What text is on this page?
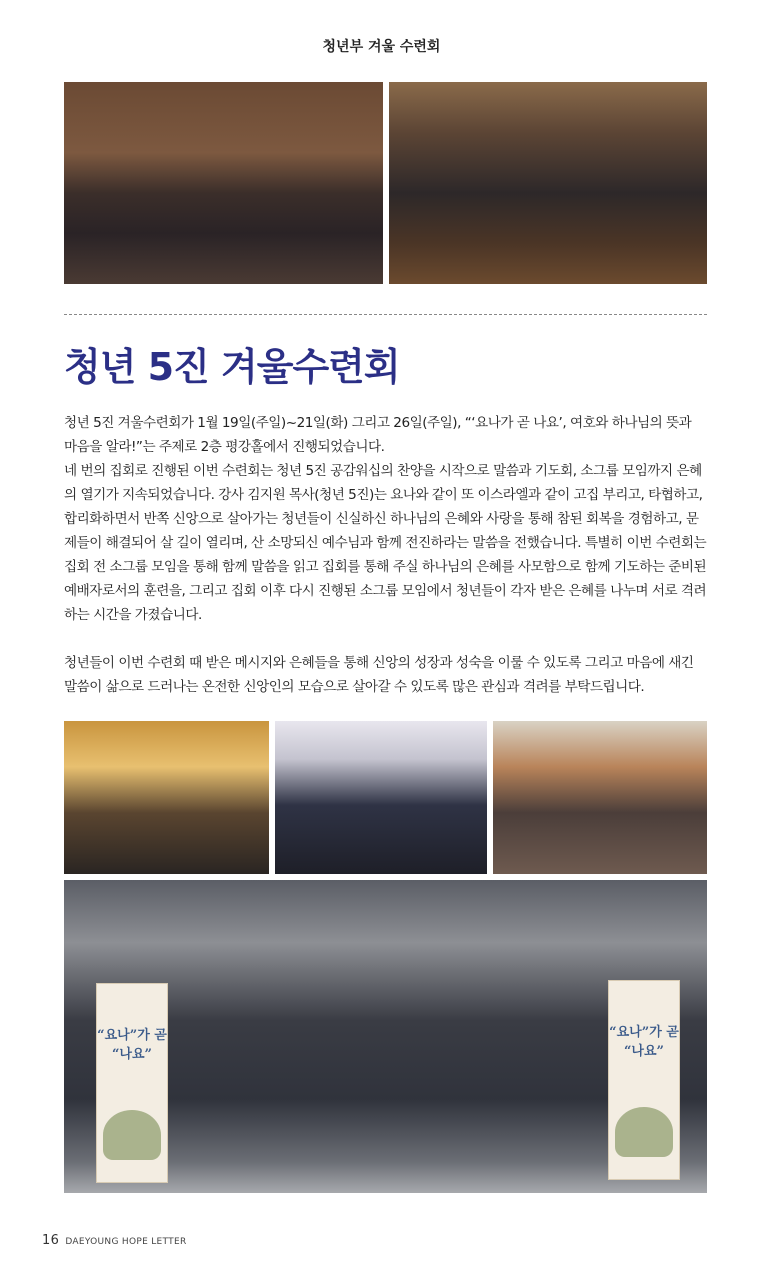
청년부 겨울 수련회
청년 5진 겨울수련회

청년 5진 겨울수련회가 1월 19일(주일)~21일(화) 그리고 26일(주일), “‘요나가 곧 나요’, 여호와 하나님의 뜻과 마음을 알라!”는 주제로 2층 평강홀에서 진행되었습니다.

네 번의 집회로 진행된 이번 수련회는 청년 5진 공감워십의 찬양을 시작으로 말씀과 기도회, 소그룹 모임까지 은혜의 열기가 지속되었습니다. 강사 김지원 목사(청년 5진)는 요나와 같이 또 이스라엘과 같이 고집 부리고, 타협하고, 합리화하면서 반쪽 신앙으로 살아가는 청년들이 신실하신 하나님의 은혜와 사랑을 통해 참된 회복을 경험하고, 문제들이 해결되어 살 길이 열리며, 산 소망되신 예수님과 함께 전진하라는 말씀을 전했습니다. 특별히 이번 수련회는 집회 전 소그룹 모임을 통해 함께 말씀을 읽고 집회를 통해 주실 하나님의 은혜를 사모함으로 함께 기도하는 준비된 예배자로서의 훈련을, 그리고 집회 이후 다시 진행된 소그룹 모임에서 청년들이 각자 받은 은혜를 나누며 서로 격려하는 시간을 가졌습니다.

청년들이 이번 수련회 때 받은 메시지와 은혜들을 통해 신앙의 성장과 성숙을 이룰 수 있도록 그리고 마음에 새긴 말씀이 삶으로 드러나는 온전한 신앙인의 모습으로 살아갈 수 있도록 많은 관심과 격려를 부탁드립니다.

“요나”가 곧 “나요”
“요나”가 곧 “나요”
16 DAEYOUNG HOPE LETTER
